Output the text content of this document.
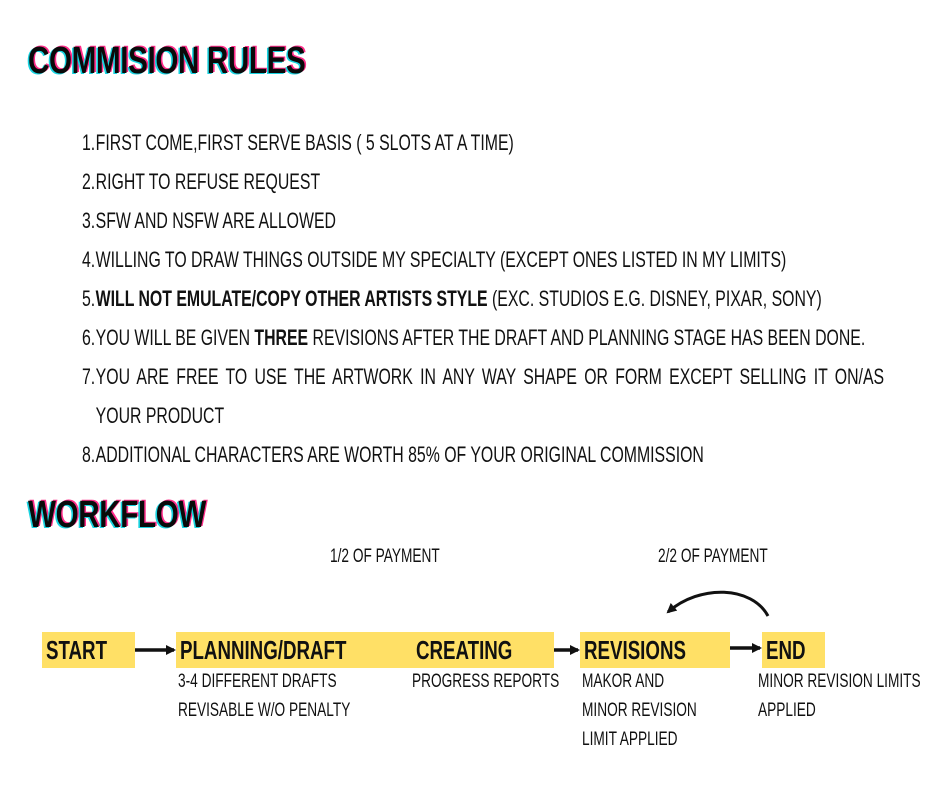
COMMISION RULES
1. FIRST COME,FIRST SERVE BASIS ( 5 SLOTS AT A TIME)
2. RIGHT TO REFUSE REQUEST
3. SFW AND NSFW ARE ALLOWED
4. WILLING TO DRAW THINGS OUTSIDE MY SPECIALTY (EXCEPT ONES LISTED IN MY LIMITS)
5. WILL NOT EMULATE/COPY OTHER ARTISTS STYLE (EXC. STUDIOS E.G. DISNEY, PIXAR, SONY)
6. YOU WILL BE GIVEN THREE REVISIONS AFTER THE DRAFT AND PLANNING STAGE HAS BEEN DONE.
7. YOU ARE FREE TO USE THE ARTWORK IN ANY WAY SHAPE OR FORM EXCEPT SELLING IT ON/AS
YOUR PRODUCT
8. ADDITIONAL CHARACTERS ARE WORTH 85% OF YOUR ORIGINAL COMMISSION
WORKFLOW
1/2 OF PAYMENT	2/2 OF PAYMENT
START	PLANNING/DRAFT	CREATING	REVISIONS	END
3-4 DIFFERENT DRAFTS
REVISABLE W/O PENALTY
PROGRESS REPORTS MAKOR AND
MINOR REVISION
LIMIT APPLIED
MINOR REVISION LIMITS
APPLIED
